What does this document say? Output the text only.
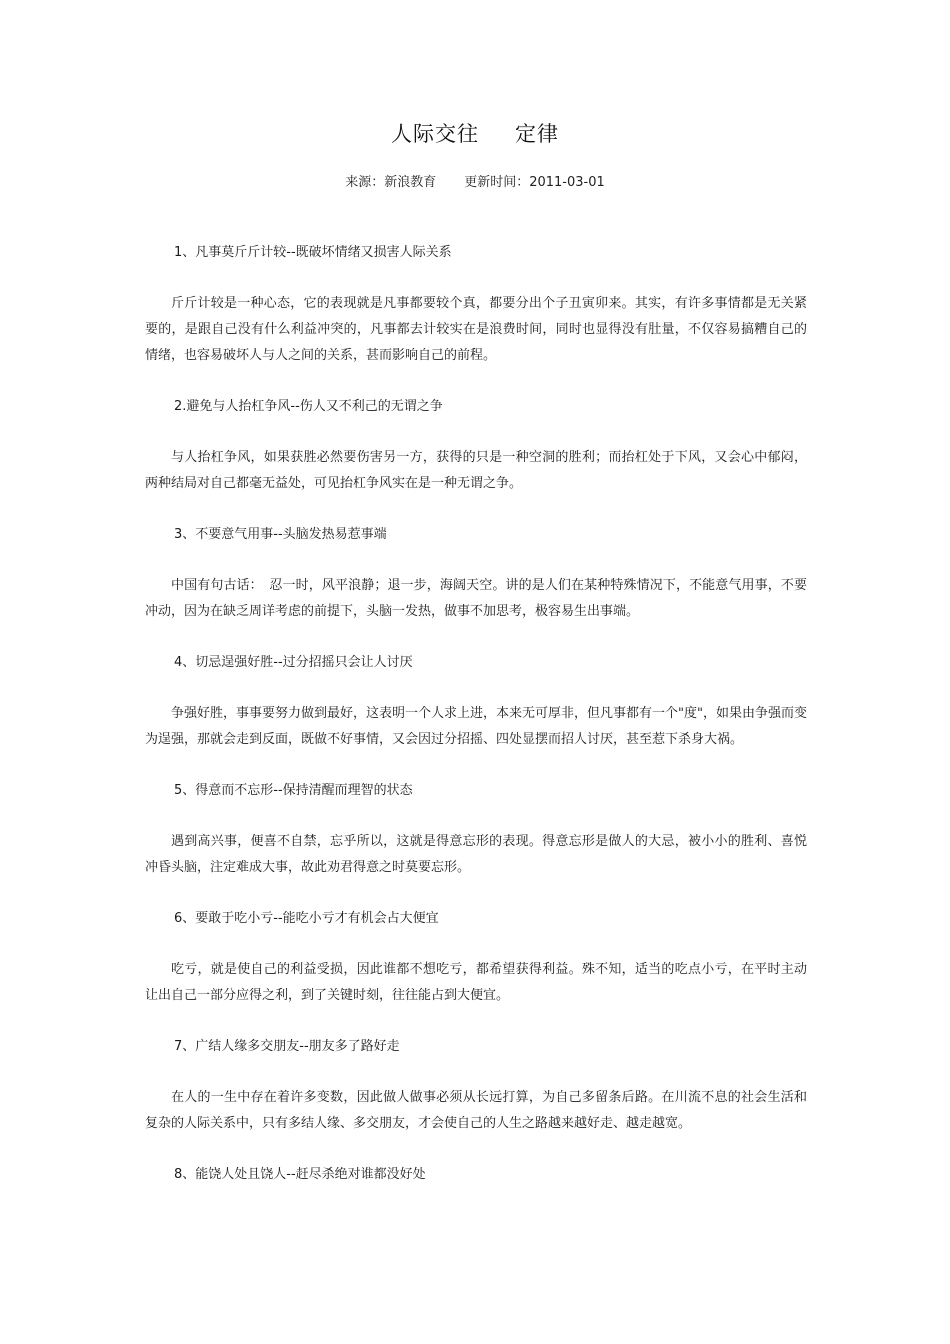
人际交往 定律
来源：新浪教育 更新时间：2011-03-01

1、凡事莫斤斤计较--既破坏情绪又损害人际关系

斤斤计较是一种心态，它的表现就是凡事都要较个真，都要分出个子丑寅卯来。其实，有许多事情都是无关紧要的，是跟自己没有什么利益冲突的，凡事都去计较实在是浪费时间，同时也显得没有肚量，不仅容易搞糟自己的情绪，也容易破坏人与人之间的关系，甚而影响自己的前程。

2.避免与人抬杠争风--伤人又不利己的无谓之争

与人抬杠争风，如果获胜必然要伤害另一方，获得的只是一种空洞的胜利；而抬杠处于下风，又会心中郁闷，两种结局对自己都毫无益处，可见抬杠争风实在是一种无谓之争。

3、不要意气用事--头脑发热易惹事端

中国有句古话：　忍一时，风平浪静；退一步，海阔天空。讲的是人们在某种特殊情况下，不能意气用事，不要冲动，因为在缺乏周详考虑的前提下，头脑一发热，做事不加思考，极容易生出事端。

4、切忌逞强好胜--过分招摇只会让人讨厌

争强好胜，事事要努力做到最好，这表明一个人求上进，本来无可厚非，但凡事都有一个"度"，如果由争强而变为逞强，那就会走到反面，既做不好事情，又会因过分招摇、四处显摆而招人讨厌，甚至惹下杀身大祸。

5、得意而不忘形--保持清醒而理智的状态

遇到高兴事，便喜不自禁，忘乎所以，这就是得意忘形的表现。得意忘形是做人的大忌，被小小的胜利、喜悦冲昏头脑，注定难成大事，故此劝君得意之时莫要忘形。

6、要敢于吃小亏--能吃小亏才有机会占大便宜

吃亏，就是使自己的利益受损，因此谁都不想吃亏，都希望获得利益。殊不知，适当的吃点小亏，在平时主动让出自己一部分应得之利，到了关键时刻，往往能占到大便宜。

7、广结人缘多交朋友--朋友多了路好走

在人的一生中存在着许多变数，因此做人做事必须从长远打算，为自己多留条后路。在川流不息的社会生活和复杂的人际关系中，只有多结人缘、多交朋友，才会使自己的人生之路越来越好走、越走越宽。

8、能饶人处且饶人--赶尽杀绝对谁都没好处
